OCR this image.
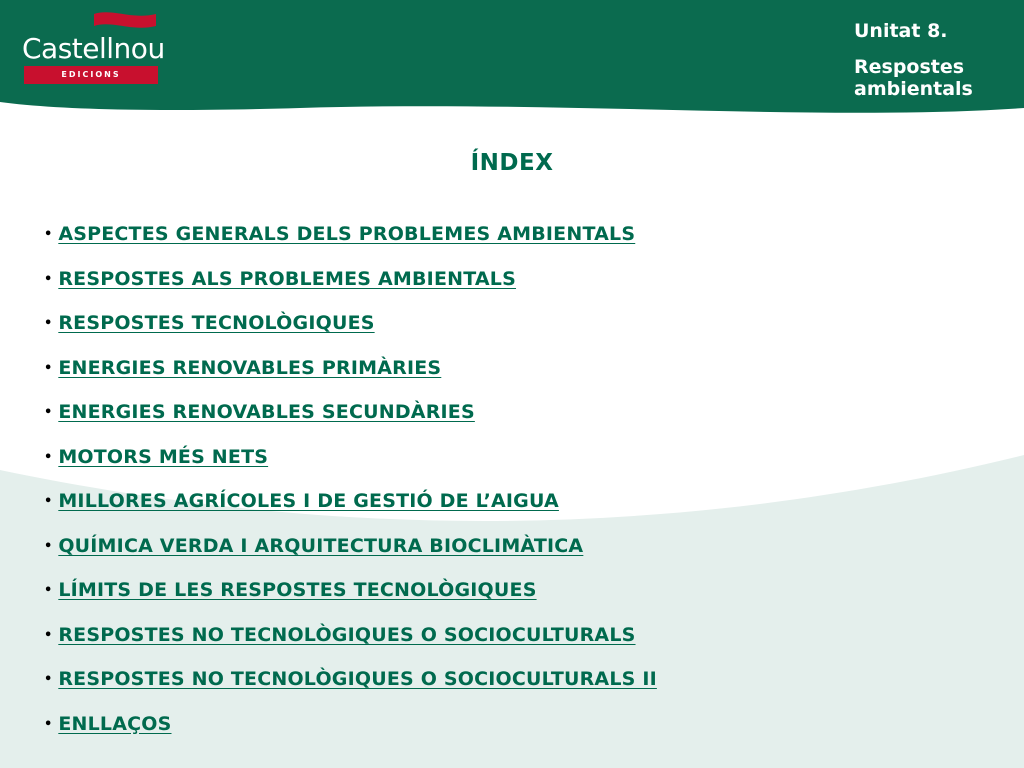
Castellnou
EDICIONS
Unitat 8.
Respostes ambientals
ÍNDEX
• ASPECTES GENERALS DELS PROBLEMES AMBIENTALS
• RESPOSTES ALS PROBLEMES AMBIENTALS
• RESPOSTES TECNOLÒGIQUES
• ENERGIES RENOVABLES PRIMÀRIES
• ENERGIES RENOVABLES SECUNDÀRIES
• MOTORS MÉS NETS
• MILLORES AGRÍCOLES I DE GESTIÓ DE L’AIGUA
• QUÍMICA VERDA I ARQUITECTURA BIOCLIMÀTICA
• LÍMITS DE LES RESPOSTES TECNOLÒGIQUES
• RESPOSTES NO TECNOLÒGIQUES O SOCIOCULTURALS
• RESPOSTES NO TECNOLÒGIQUES O SOCIOCULTURALS II
• ENLLAÇOS
